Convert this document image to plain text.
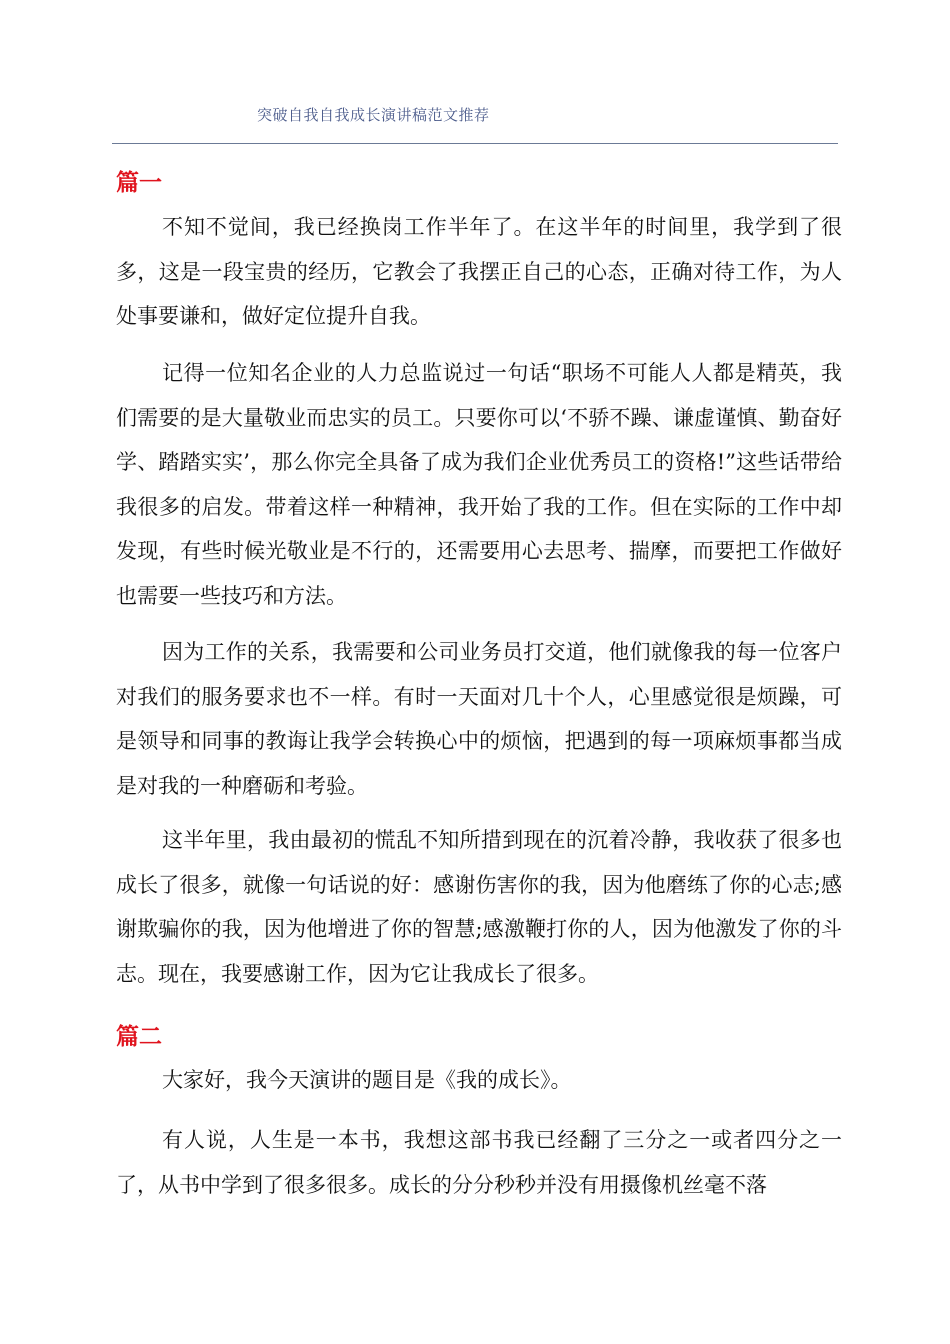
突破自我自我成长演讲稿范文推荐
篇一

不知不觉间，我已经换岗工作半年了。在这半年的时间里，我学到了很多，这是一段宝贵的经历，它教会了我摆正自己的心态，正确对待工作，为人处事要谦和，做好定位提升自我。

记得一位知名企业的人力总监说过一句话“职场不可能人人都是精英，我们需要的是大量敬业而忠实的员工。只要你可以‘不骄不躁、谦虚谨慎、勤奋好学、踏踏实实’，那么你完全具备了成为我们企业优秀员工的资格!”这些话带给我很多的启发。带着这样一种精神，我开始了我的工作。但在实际的工作中却发现，有些时候光敬业是不行的，还需要用心去思考、揣摩，而要把工作做好也需要一些技巧和方法。

因为工作的关系，我需要和公司业务员打交道，他们就像我的每一位客户对我们的服务要求也不一样。有时一天面对几十个人，心里感觉很是烦躁，可是领导和同事的教诲让我学会转换心中的烦恼，把遇到的每一项麻烦事都当成是对我的一种磨砺和考验。

这半年里，我由最初的慌乱不知所措到现在的沉着冷静，我收获了很多也成长了很多，就像一句话说的好：感谢伤害你的我，因为他磨练了你的心志;感谢欺骗你的我，因为他增进了你的智慧;感激鞭打你的人，因为他激发了你的斗志。现在，我要感谢工作，因为它让我成长了很多。

篇二

大家好，我今天演讲的题目是《我的成长》。

有人说，人生是一本书，我想这部书我已经翻了三分之一或者四分之一了，从书中学到了很多很多。成长的分分秒秒并没有用摄像机丝毫不落
